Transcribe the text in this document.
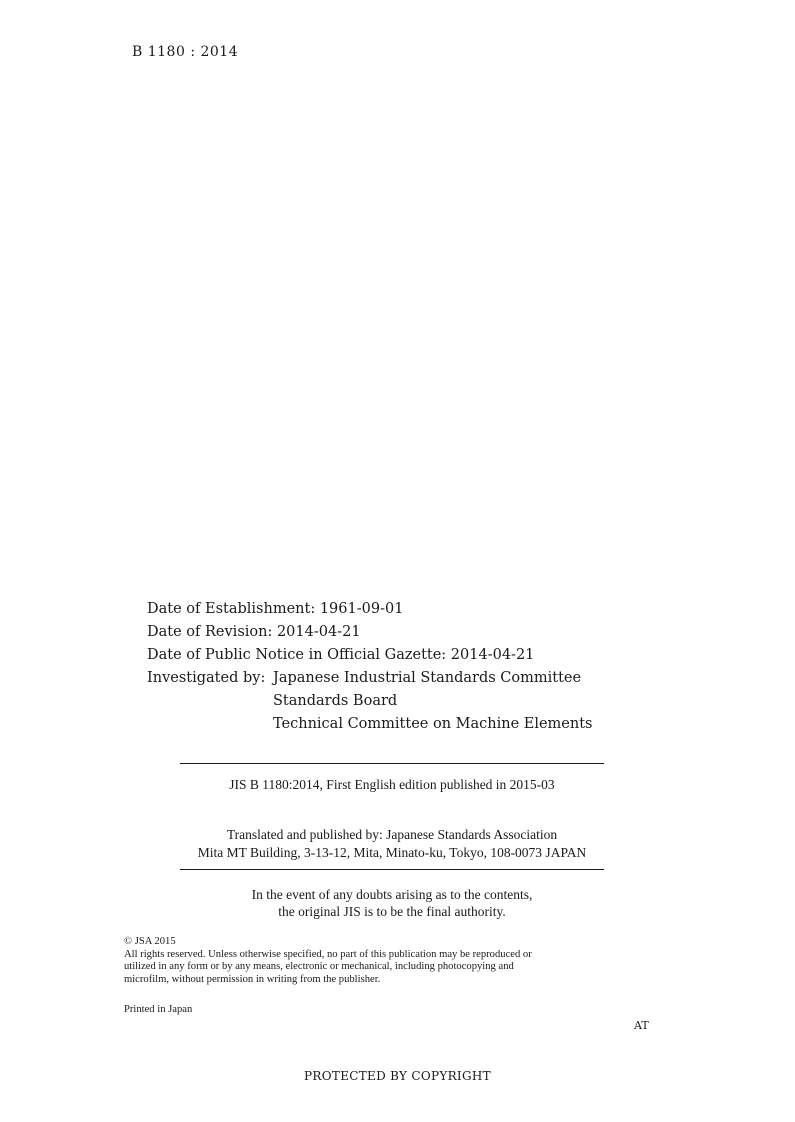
B 1180 : 2014
Date of Establishment: 1961-09-01
Date of Revision: 2014-04-21
Date of Public Notice in Official Gazette: 2014-04-21
Investigated by: Japanese Industrial Standards Committee
Standards Board
Technical Committee on Machine Elements
JIS B 1180:2014, First English edition published in 2015-03
Translated and published by: Japanese Standards Association
Mita MT Building, 3-13-12, Mita, Minato-ku, Tokyo, 108-0073 JAPAN
In the event of any doubts arising as to the contents,
the original JIS is to be the final authority.
© JSA 2015
All rights reserved. Unless otherwise specified, no part of this publication may be reproduced or
utilized in any form or by any means, electronic or mechanical, including photocopying and
microfilm, without permission in writing from the publisher.
Printed in Japan
AT
PROTECTED BY COPYRIGHT
